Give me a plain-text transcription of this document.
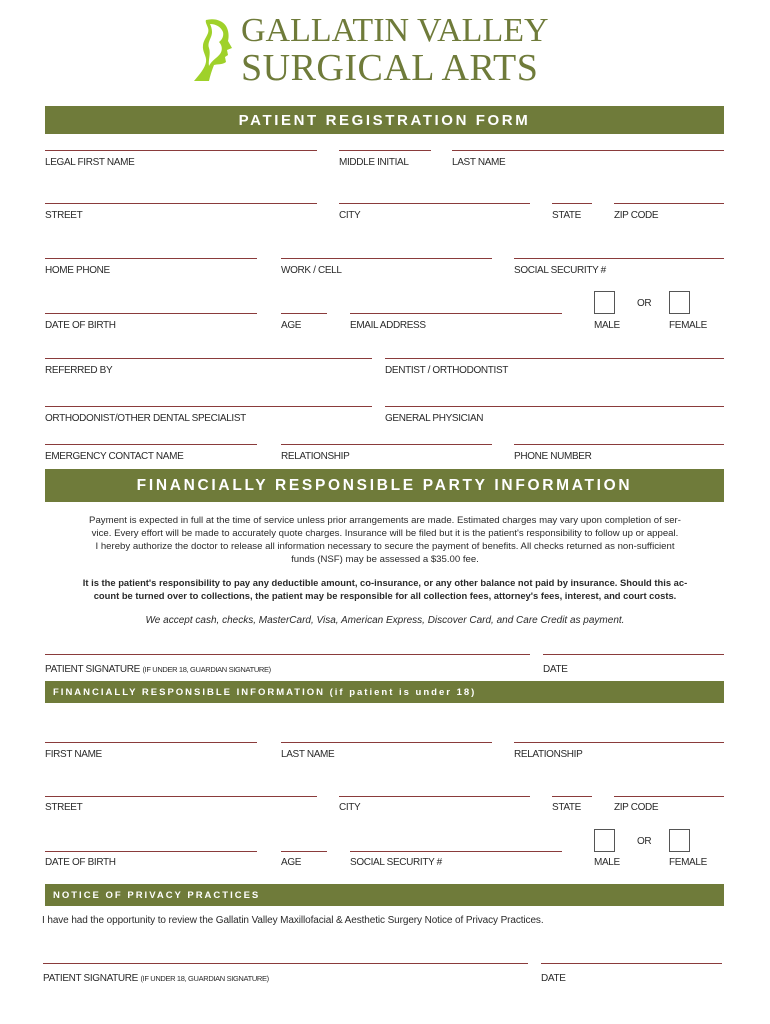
GALLATIN VALLEY
SURGICAL ARTS
PATIENT REGISTRATION FORM
LEGAL FIRST NAME	MIDDLE INITIAL	LAST NAME
STREET	CITY	STATE	ZIP CODE
HOME PHONE	WORK / CELL	SOCIAL SECURITY #
OR
DATE OF BIRTH	AGE	EMAIL ADDRESS	MALE	FEMALE
REFERRED BY	DENTIST / ORTHODONTIST
ORTHODONIST/OTHER DENTAL SPECIALIST	GENERAL PHYSICIAN
EMERGENCY CONTACT NAME	RELATIONSHIP	PHONE NUMBER
FINANCIALLY RESPONSIBLE PARTY INFORMATION
Payment is expected in full at the time of service unless prior arrangements are made. Estimated charges may vary upon completion of ser-
vice. Every effort will be made to accurately quote charges. Insurance will be filed but it is the patient's responsibility to follow up or appeal.
I hereby authorize the doctor to release all information necessary to secure the payment of benefits. All checks returned as non-sufficient
funds (NSF) may be assessed a $35.00 fee.
It is the patient's responsibility to pay any deductible amount, co-insurance, or any other balance not paid by insurance. Should this ac-
count be turned over to collections, the patient may be responsible for all collection fees, attorney's fees, interest, and court costs.
We accept cash, checks, MasterCard, Visa, American Express, Discover Card, and Care Credit as payment.
PATIENT SIGNATURE (IF UNDER 18, GUARDIAN SIGNATURE)	DATE
FINANCIALLY RESPONSIBLE INFORMATION (if patient is under 18)
FIRST NAME	LAST NAME	RELATIONSHIP
STREET	CITY	STATE	ZIP CODE
OR
DATE OF BIRTH	AGE	SOCIAL SECURITY #	MALE	FEMALE
NOTICE OF PRIVACY PRACTICES
I have had the opportunity to review the Gallatin Valley Maxillofacial & Aesthetic Surgery Notice of Privacy Practices.
PATIENT SIGNATURE (IF UNDER 18, GUARDIAN SIGNATURE)	DATE
